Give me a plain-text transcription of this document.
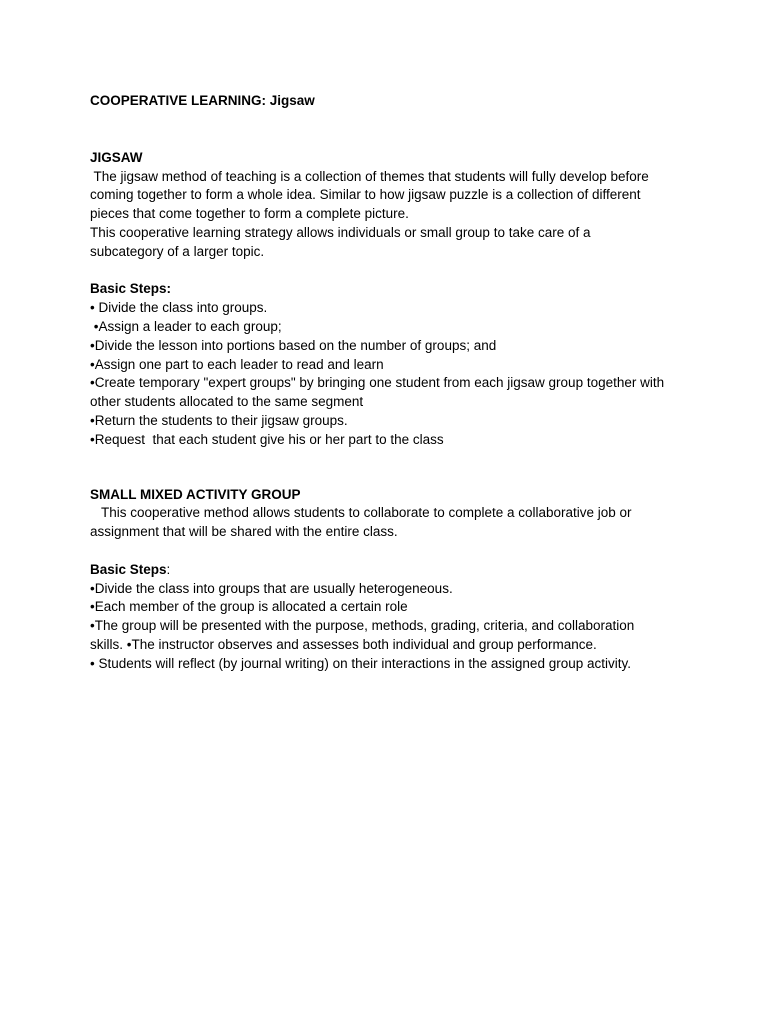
COOPERATIVE LEARNING: Jigsaw
JIGSAW
The jigsaw method of teaching is a collection of themes that students will fully develop before
coming together to form a whole idea. Similar to how jigsaw puzzle is a collection of different
pieces that come together to form a complete picture.
This cooperative learning strategy allows individuals or small group to take care of a
subcategory of a larger topic.
Basic Steps:
• Divide the class into groups.
•Assign a leader to each group;
•Divide the lesson into portions based on the number of groups; and
•Assign one part to each leader to read and learn
•Create temporary "expert groups" by bringing one student from each jigsaw group together with
other students allocated to the same segment
•Return the students to their jigsaw groups.
•Request  that each student give his or her part to the class
SMALL MIXED ACTIVITY GROUP
This cooperative method allows students to collaborate to complete a collaborative job or
assignment that will be shared with the entire class.
Basic Steps:
•Divide the class into groups that are usually heterogeneous.
•Each member of the group is allocated a certain role
•The group will be presented with the purpose, methods, grading, criteria, and collaboration
skills. •The instructor observes and assesses both individual and group performance.
• Students will reflect (by journal writing) on their interactions in the assigned group activity.
